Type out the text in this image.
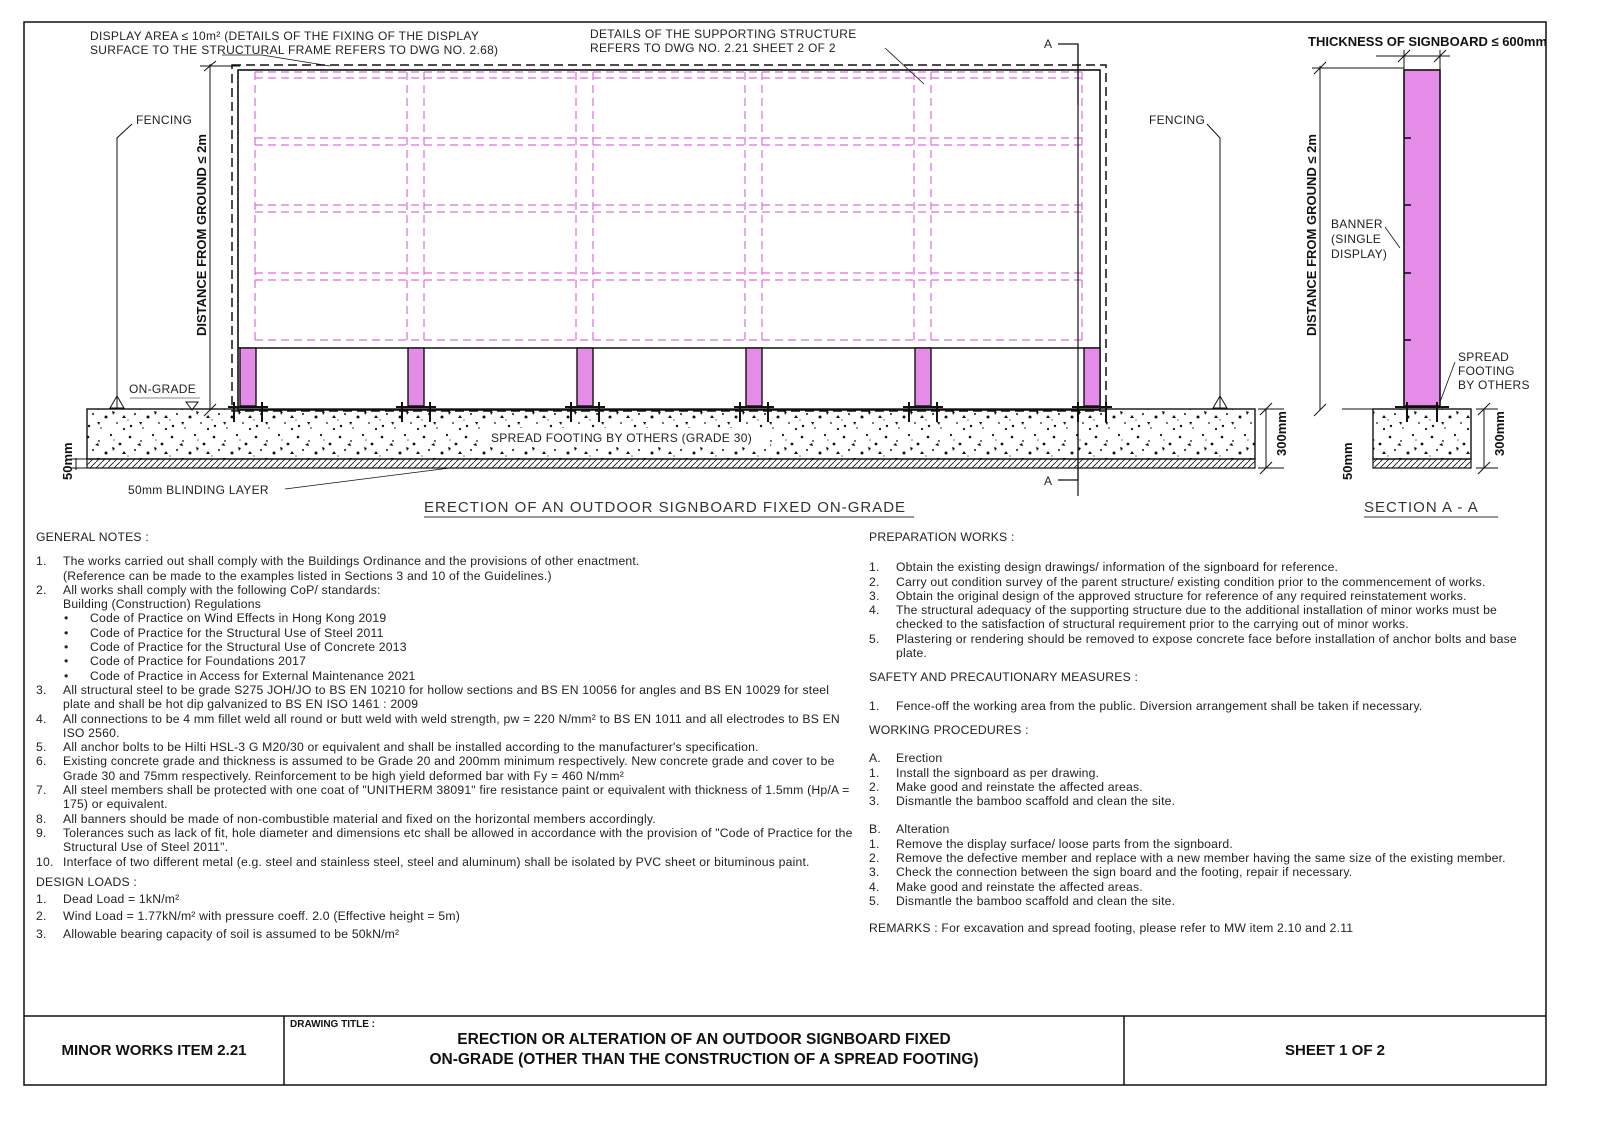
DISPLAY AREA ≤ 10m² (DETAILS OF THE FIXING OF THE DISPLAY
SURFACE TO THE STRUCTURAL FRAME REFERS TO DWG NO. 2.68)
DETAILS OF THE SUPPORTING STRUCTURE
REFERS TO DWG NO. 2.21 SHEET 2 OF 2
FENCING	FENCING
ON-GRADE
DISTANCE FROM GROUND ≤ 2m
SPREAD FOOTING BY OTHERS (GRADE 30)
50mm BLINDING LAYER
50mm
300mm
A
A
ERECTION OF AN OUTDOOR SIGNBOARD FIXED ON-GRADE
THICKNESS OF SIGNBOARD ≤ 600mm
DISTANCE FROM GROUND ≤ 2m BANNER
(SINGLE
DISPLAY)
SPREAD
FOOTING
BY OTHERS
50mm
300mm
SECTION A - A
GENERAL NOTES :
1. The works carried out shall comply with the Buildings Ordinance and the provisions of other enactment.
(Reference can be made to the examples listed in Sections 3 and 10 of the Guidelines.)
2. All works shall comply with the following CoP/ standards:
Building (Construction) Regulations
• Code of Practice on Wind Effects in Hong Kong 2019
• Code of Practice for the Structural Use of Steel 2011
• Code of Practice for the Structural Use of Concrete 2013
• Code of Practice for Foundations 2017
• Code of Practice in Access for External Maintenance 2021
3. All structural steel to be grade S275 JOH/JO to BS EN 10210 for hollow sections and BS EN 10056 for angles and BS EN 10029 for steel plate and shall be hot dip galvanized to BS EN ISO 1461 : 2009
4. All connections to be 4 mm fillet weld all round or butt weld with weld strength, pw = 220 N/mm² to BS EN 1011 and all electrodes to BS EN ISO 2560.
5. All anchor bolts to be Hilti HSL-3 G M20/30 or equivalent and shall be installed according to the manufacturer's specification.
6. Existing concrete grade and thickness is assumed to be Grade 20 and 200mm minimum respectively. New concrete grade and cover to be Grade 30 and 75mm respectively. Reinforcement to be high yield deformed bar with Fy = 460 N/mm²
7. All steel members shall be protected with one coat of "UNITHERM 38091" fire resistance paint or equivalent with thickness of 1.5mm (Hp/A = 175) or equivalent.
8. All banners should be made of non-combustible material and fixed on the horizontal members accordingly.
9. Tolerances such as lack of fit, hole diameter and dimensions etc shall be allowed in accordance with the provision of "Code of Practice for the Structural Use of Steel 2011".
10. Interface of two different metal (e.g. steel and stainless steel, steel and aluminum) shall be isolated by PVC sheet or bituminous paint.
DESIGN LOADS :
1. Dead Load = 1kN/m²
2. Wind Load = 1.77kN/m² with pressure coeff. 2.0 (Effective height = 5m)
3. Allowable bearing capacity of soil is assumed to be 50kN/m²
PREPARATION WORKS :
1. Obtain the existing design drawings/ information of the signboard for reference.
2. Carry out condition survey of the parent structure/ existing condition prior to the commencement of works.
3. Obtain the original design of the approved structure for reference of any required reinstatement works.
4. The structural adequacy of the supporting structure due to the additional installation of minor works must be checked to the satisfaction of structural requirement prior to the carrying out of minor works.
5. Plastering or rendering should be removed to expose concrete face before installation of anchor bolts and base plate.
SAFETY AND PRECAUTIONARY MEASURES :
1. Fence-off the working area from the public. Diversion arrangement shall be taken if necessary.
WORKING PROCEDURES :
A. Erection
1. Install the signboard as per drawing.
2. Make good and reinstate the affected areas.
3. Dismantle the bamboo scaffold and clean the site.
B. Alteration
1. Remove the display surface/ loose parts from the signboard.
2. Remove the defective member and replace with a new member having the same size of the existing member.
3. Check the connection between the sign board and the footing, repair if necessary.
4. Make good and reinstate the affected areas.
5. Dismantle the bamboo scaffold and clean the site.
REMARKS : For excavation and spread footing, please refer to MW item 2.10 and 2.11
MINOR WORKS ITEM 2.21
DRAWING TITLE :
ERECTION OR ALTERATION OF AN OUTDOOR SIGNBOARD FIXED
ON-GRADE (OTHER THAN THE CONSTRUCTION OF A SPREAD FOOTING)
SHEET 1 OF 2
